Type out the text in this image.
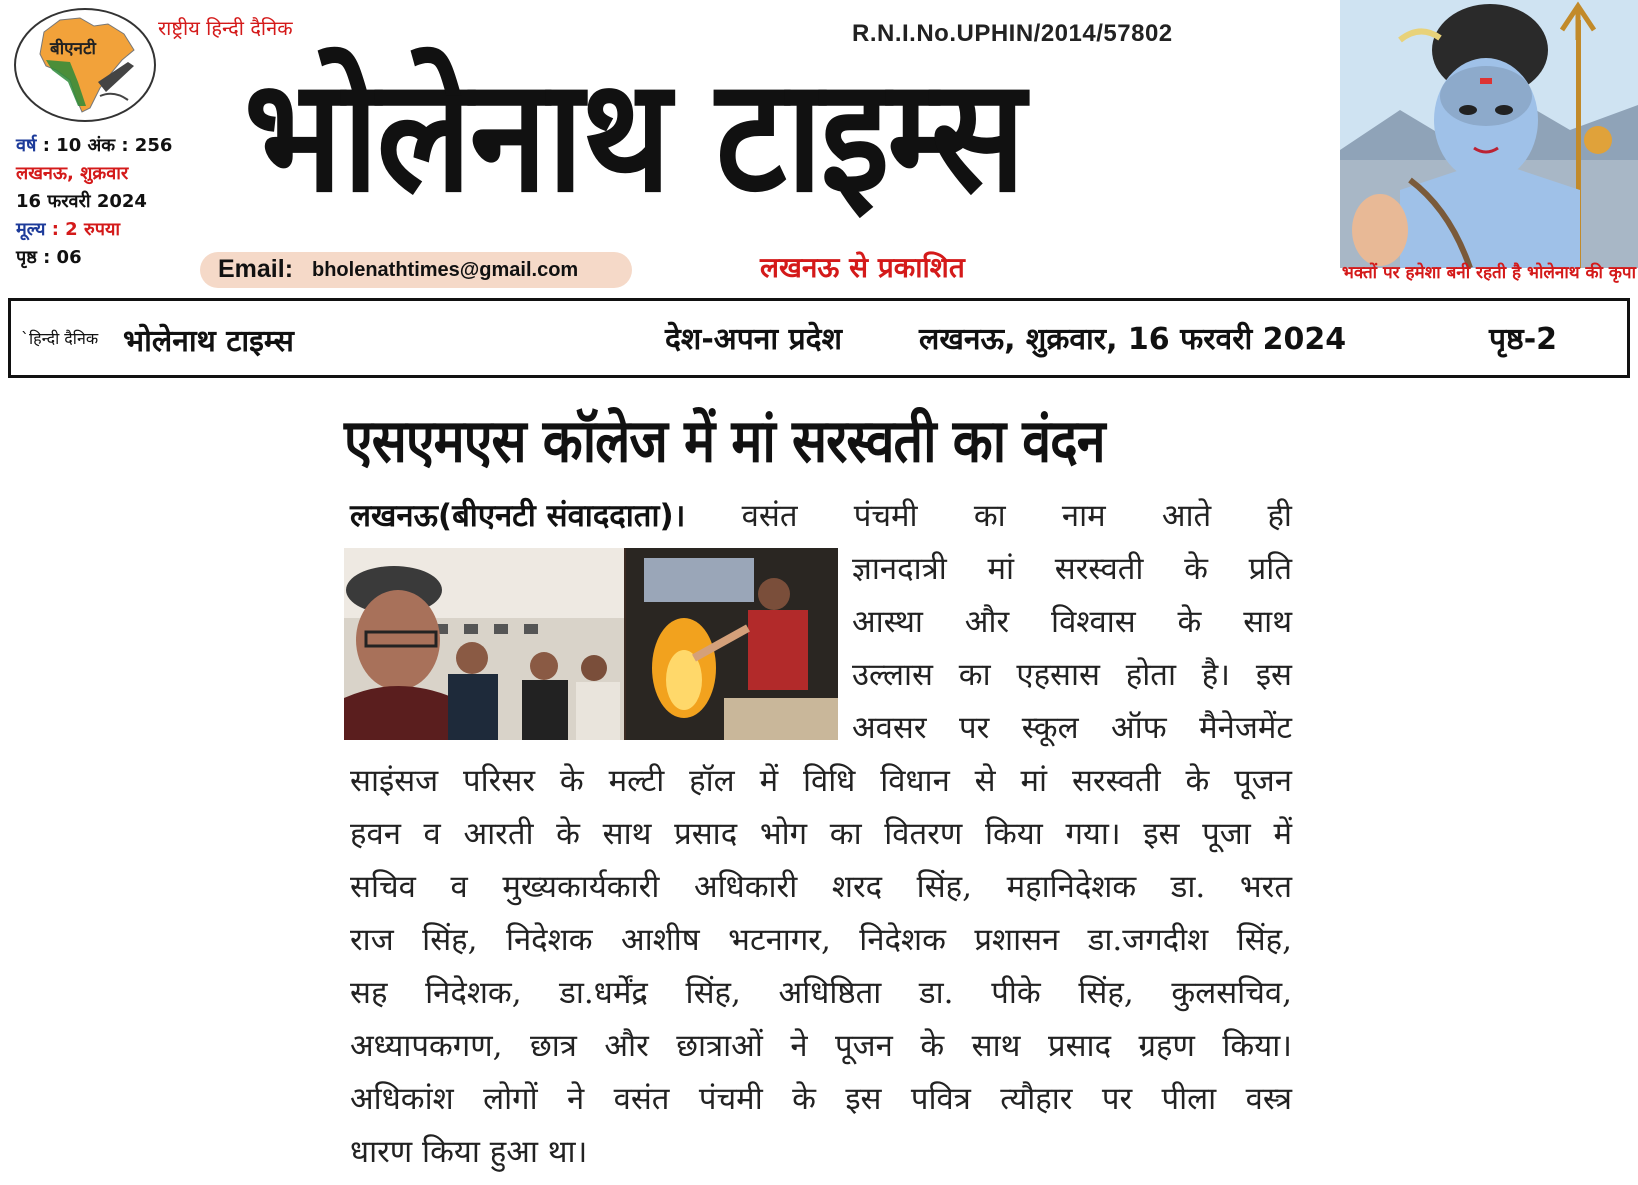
बीएनटी
राष्ट्रीय हिन्दी दैनिक	R.N.I.No.UPHIN/2014/57802
भोलेनाथ टाइम्स
वर्ष : 10 अंक : 256
लखनऊ, शुक्रवार
16 फरवरी 2024
मूल्य : 2 रुपया
पृष्ठ : 06	Email: bholenathtimes@gmail.com	लखनऊ से प्रकाशित	भक्तों पर हमेशा बनी रहती है भोलेनाथ की कृपा
`हिन्दी दैनिक भोलेनाथ टाइम्स	देश-अपना प्रदेश	लखनऊ, शुक्रवार, 16 फरवरी 2024	पृष्ठ-2
एसएमएस कॉलेज में मां सरस्वती का वंदन
लखनऊ(बीएनटी संवाददाता)। वसंत पंचमी का नाम आते ही
ज्ञानदात्री मां सरस्वती के प्रति
आस्था और विश्वास के साथ
उल्लास का एहसास होता है। इस
अवसर पर स्कूल ऑफ मैनेजमेंट
साइंसज परिसर के मल्टी हॉल में विधि विधान से मां सरस्वती के पूजन
हवन व आरती के साथ प्रसाद भोग का वितरण किया गया। इस पूजा में
सचिव व मुख्यकार्यकारी अधिकारी शरद सिंह, महानिदेशक डा. भरत
राज सिंह, निदेशक आशीष भटनागर, निदेशक प्रशासन डा.जगदीश सिंह,
सह निदेशक, डा.धर्मेंद्र सिंह, अधिष्ठिता डा. पीके सिंह, कुलसचिव,
अध्यापकगण, छात्र और छात्राओं ने पूजन के साथ प्रसाद ग्रहण किया।
अधिकांश लोगों ने वसंत पंचमी के इस पवित्र त्यौहार पर पीला वस्त्र
धारण किया हुआ था।
